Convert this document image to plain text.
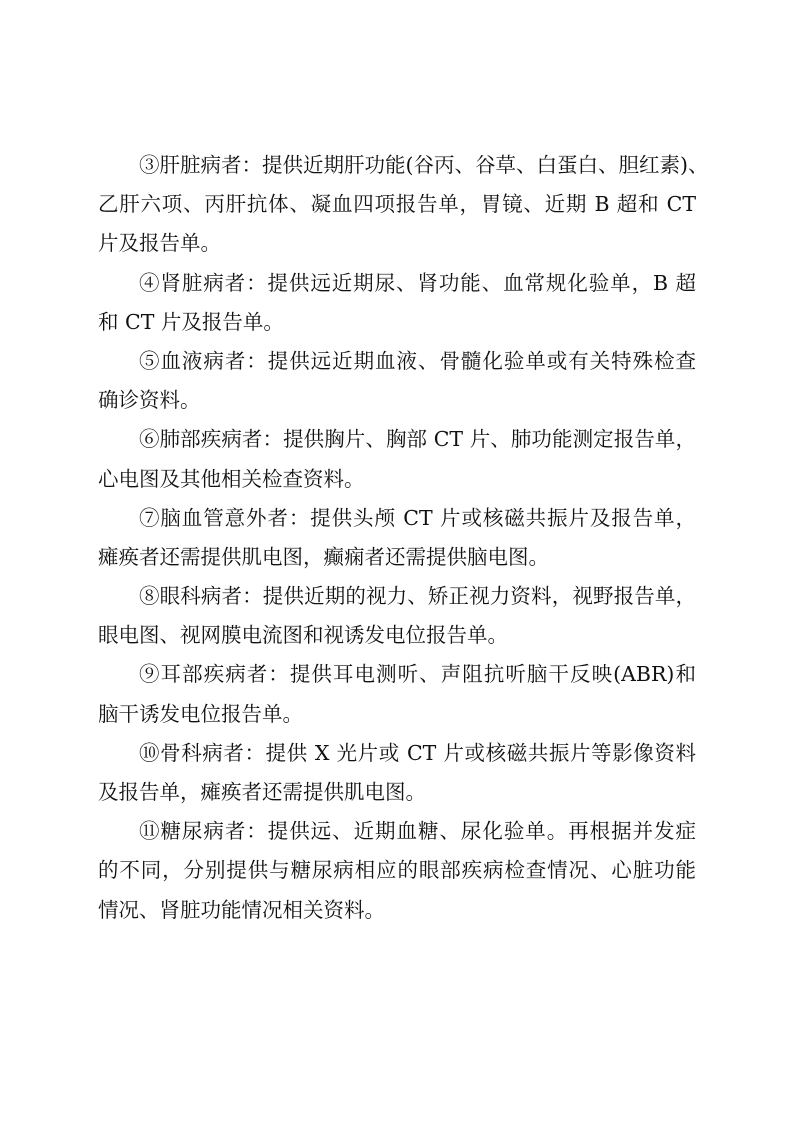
③肝脏病者：提供近期肝功能(谷丙、谷草、白蛋白、胆红素)、
乙肝六项、丙肝抗体、凝血四项报告单，胃镜、近期 B 超和 CT
片及报告单。
④肾脏病者：提供远近期尿、肾功能、血常规化验单，B 超
和 CT 片及报告单。
⑤血液病者：提供远近期血液、骨髓化验单或有关特殊检查
确诊资料。
⑥肺部疾病者：提供胸片、胸部 CT 片、肺功能测定报告单，
心电图及其他相关检查资料。
⑦脑血管意外者：提供头颅 CT 片或核磁共振片及报告单，
瘫痪者还需提供肌电图，癫痫者还需提供脑电图。
⑧眼科病者：提供近期的视力、矫正视力资料，视野报告单，
眼电图、视网膜电流图和视诱发电位报告单。
⑨耳部疾病者：提供耳电测听、声阻抗听脑干反映(ABR)和
脑干诱发电位报告单。
⑩骨科病者：提供 X 光片或 CT 片或核磁共振片等影像资料
及报告单，瘫痪者还需提供肌电图。
⑪糖尿病者：提供远、近期血糖、尿化验单。再根据并发症
的不同，分别提供与糖尿病相应的眼部疾病检查情况、心脏功能
情况、肾脏功能情况相关资料。
